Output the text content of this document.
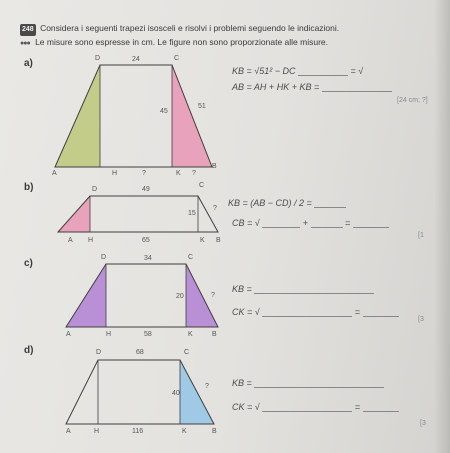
248 Considera i seguenti trapezi isosceli e risolvi i problemi seguendo le indicazioni.
●●● Le misure sono espresse in cm. Le figure non sono proporzionate alle misure.
a)	D	C
24
45
51
A	H	?	K ?
B
KB = √51² − DC	= √
AB = AH + HK + KB =
[24 cm; ?]
b)	D	49
C
15
?
A H	65	K B
KB = (AB − CD) / 2 =
CB = √	+	=
[1
c)
D	34	C
20	?
A	H	58	K	B
KB =
CK = √	=
[3
d)	D	68	C
40
?
A	H	116	K	B
KB =
CK = √	=
[3
